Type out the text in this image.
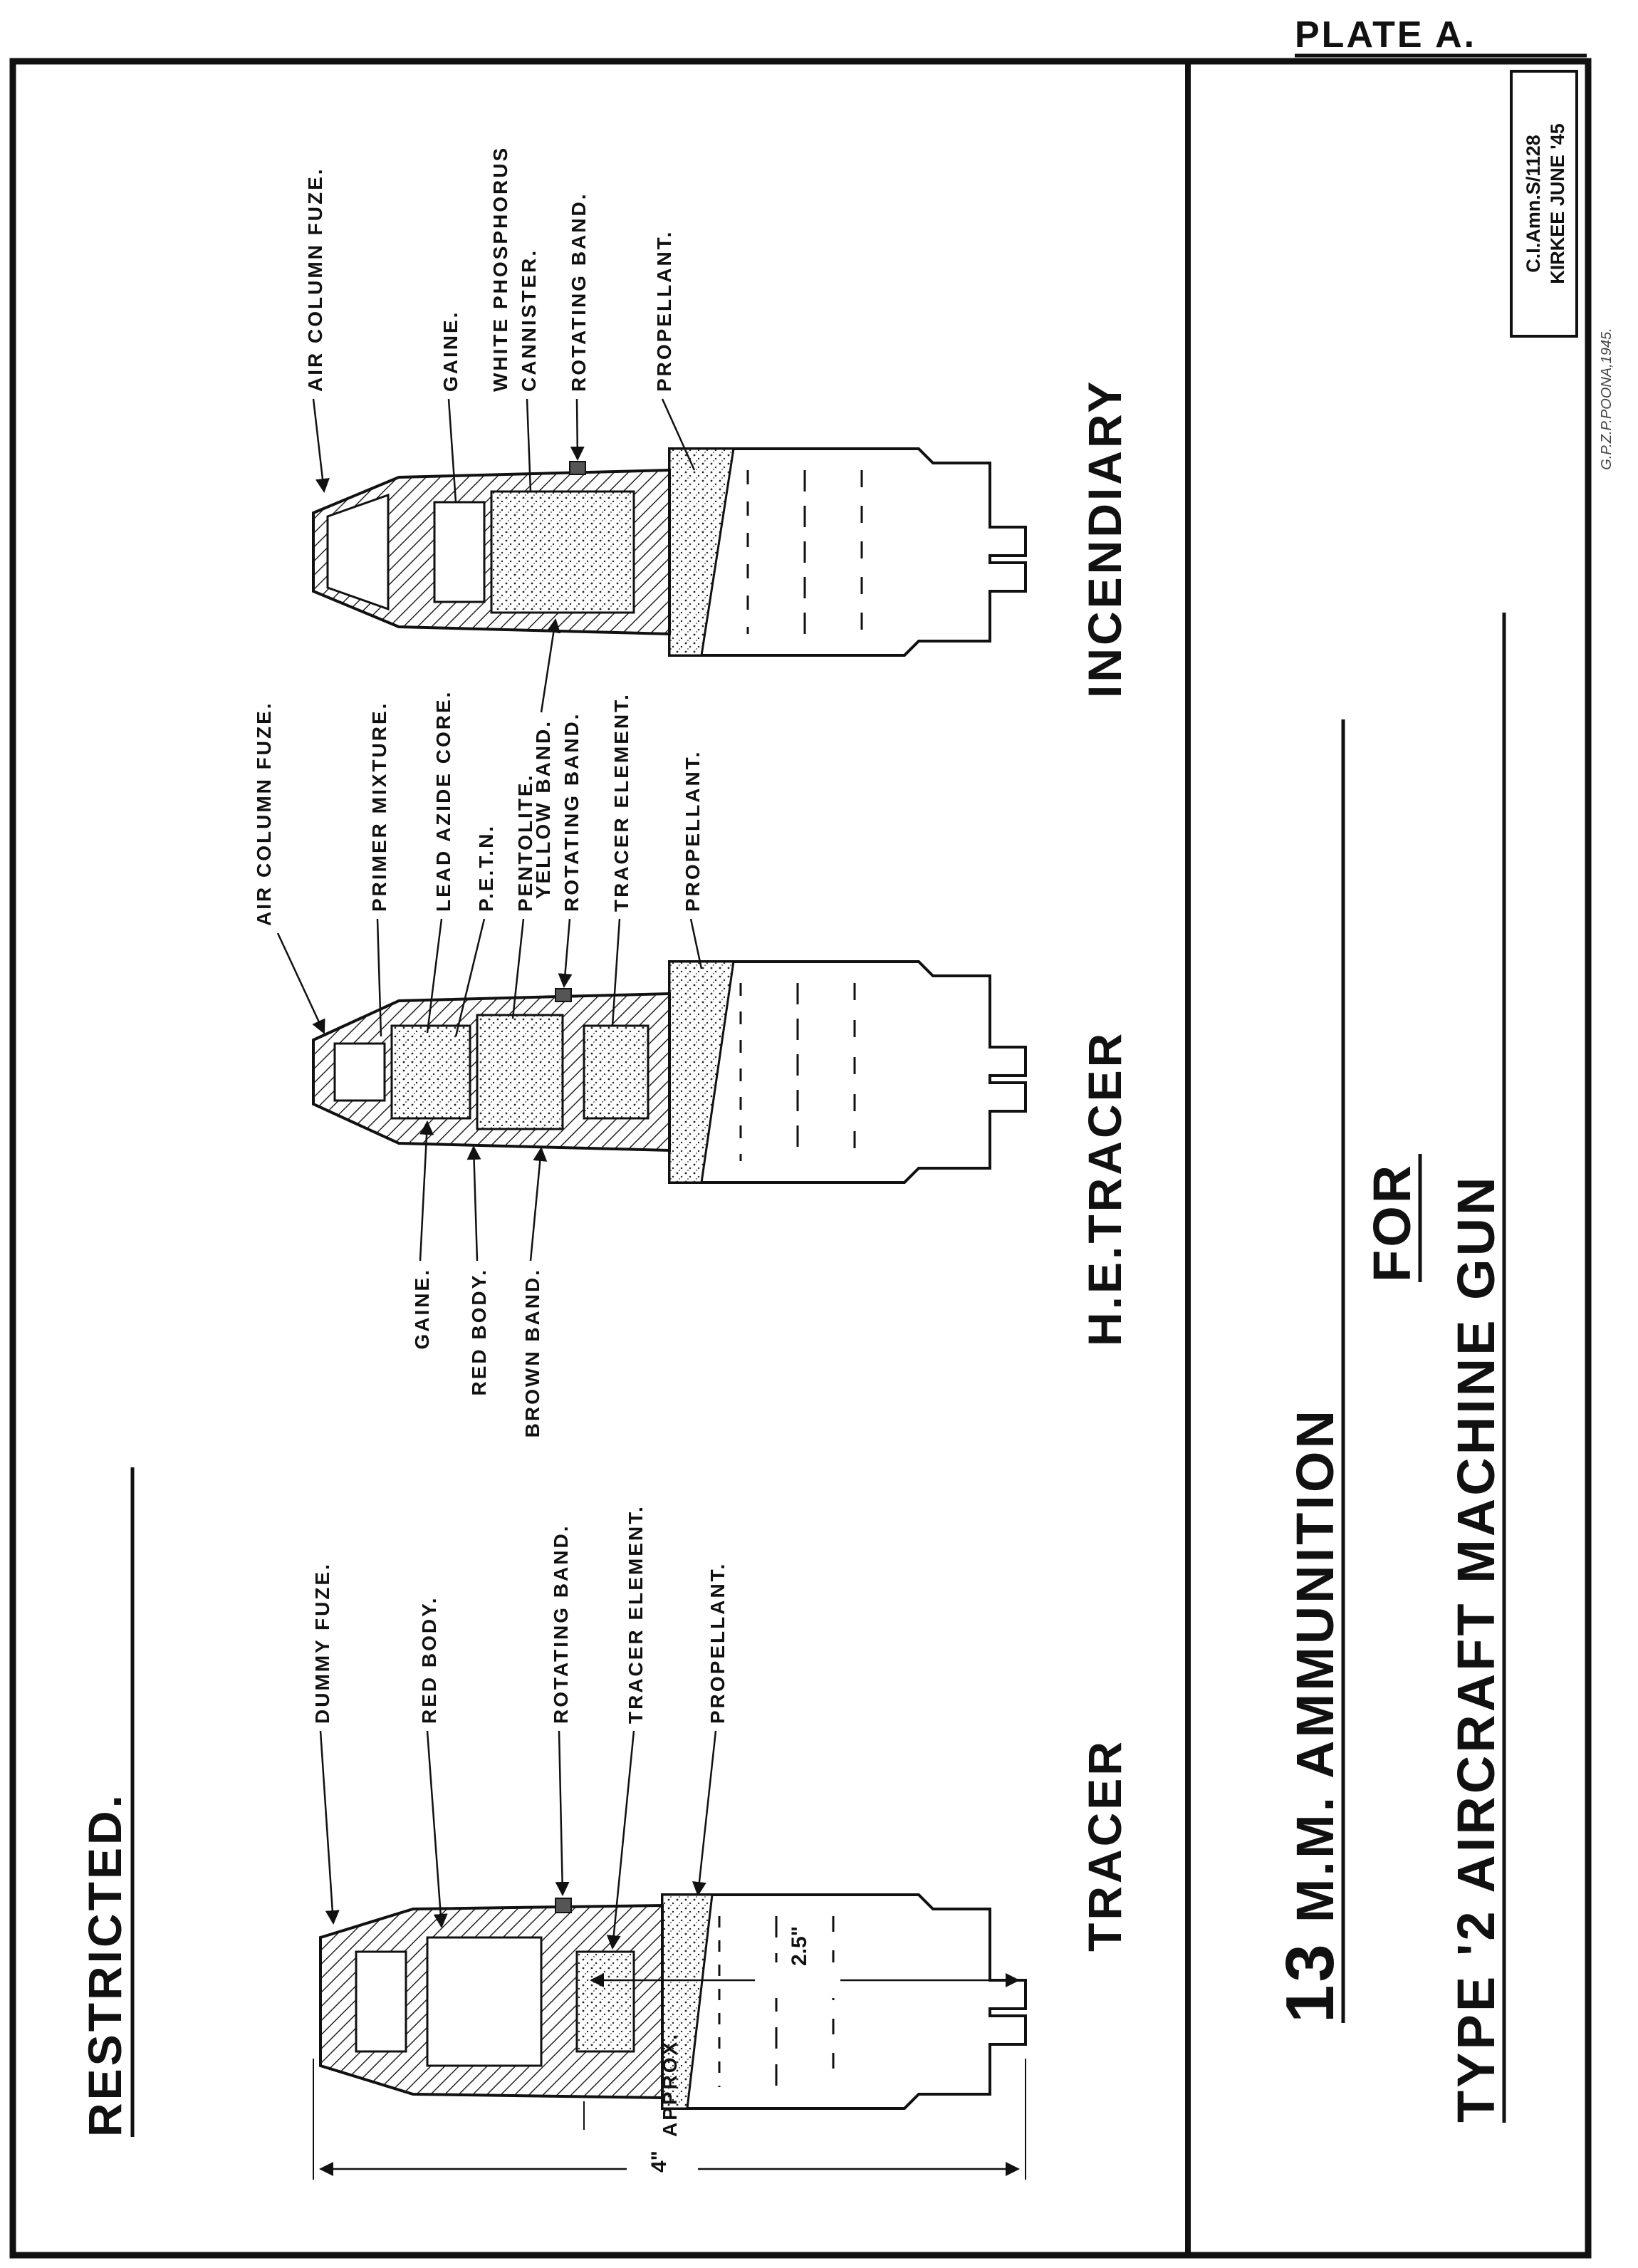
PLATE A.
C.I.Amn.S/1128 KIRKEE JUNE '45
G.P.Z.P.POONA,1945.
RESTRICTED.	13M.M. AMMUNITION
FOR TYPE '2 AIRCRAFT MACHINE GUN
DUMMY FUZE.	RED BODY.	ROTATING BAND.	TRACER ELEMENT.	PROPELLANT.
TRACER
2.5"
4"
APPROX.
AIR COLUMN FUZE.	PRIMER MIXTURE. LEAD AZIDE CORE. P.E.T.N. PENTOLITE. ROTATING BAND. TRACER ELEMENT. PROPELLANT.
GAINE. RED BODY. BROWN BAND.
H.E.TRACER
AIR COLUMN FUZE.	GAINE. WHITE PHOSPHORUS CANNISTER. ROTATING BAND.	PROPELLANT.
YELLOW BAND.
INCENDIARY
